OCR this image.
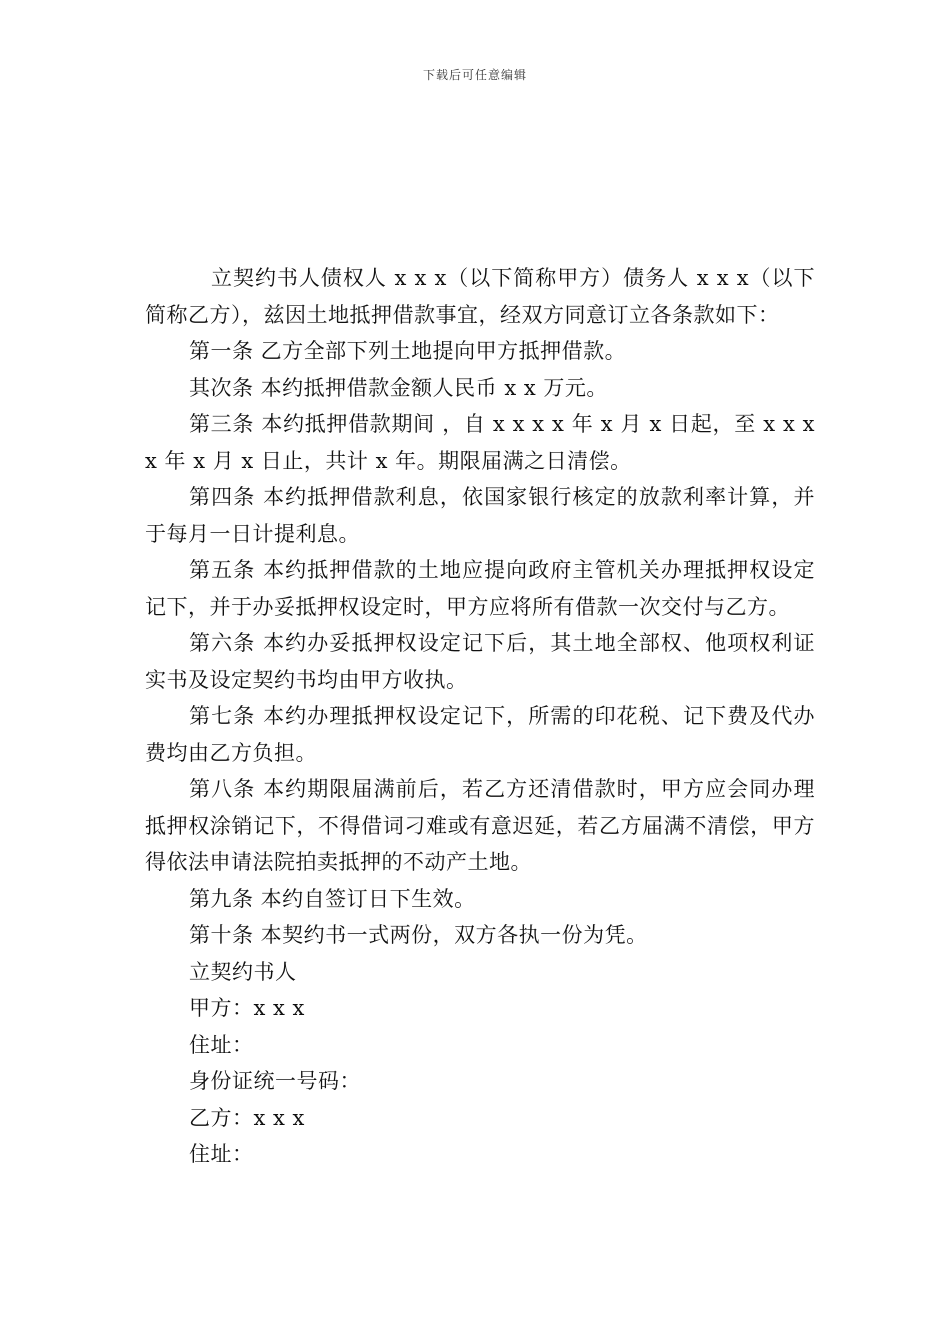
下载后可任意编辑

立契约书人债权人 x x x（以下简称甲方）债务人 x x x（以下简称乙方），兹因土地抵押借款事宜，经双方同意订立各条款如下：

第一条 乙方全部下列土地提向甲方抵押借款。

其次条 本约抵押借款金额人民币 x x 万元。

第三条 本约抵押借款期间 ，自 x x x x 年 x 月 x 日起，至 x x x x 年 x 月 x 日止，共计 x 年。期限届满之日清偿。

第四条 本约抵押借款利息，依国家银行核定的放款利率计算，并于每月一日计提利息。

第五条 本约抵押借款的土地应提向政府主管机关办理抵押权设定记下，并于办妥抵押权设定时，甲方应将所有借款一次交付与乙方。

第六条 本约办妥抵押权设定记下后，其土地全部权、他项权利证实书及设定契约书均由甲方收执。

第七条 本约办理抵押权设定记下，所需的印花税、记下费及代办费均由乙方负担。

第八条 本约期限届满前后，若乙方还清借款时，甲方应会同办理抵押权涂销记下，不得借词刁难或有意迟延，若乙方届满不清偿，甲方得依法申请法院拍卖抵押的不动产土地。

第九条 本约自签订日下生效。

第十条 本契约书一式两份，双方各执一份为凭。

立契约书人

甲方：x x x

住址：

身份证统一号码：

乙方：x x x

住址：
